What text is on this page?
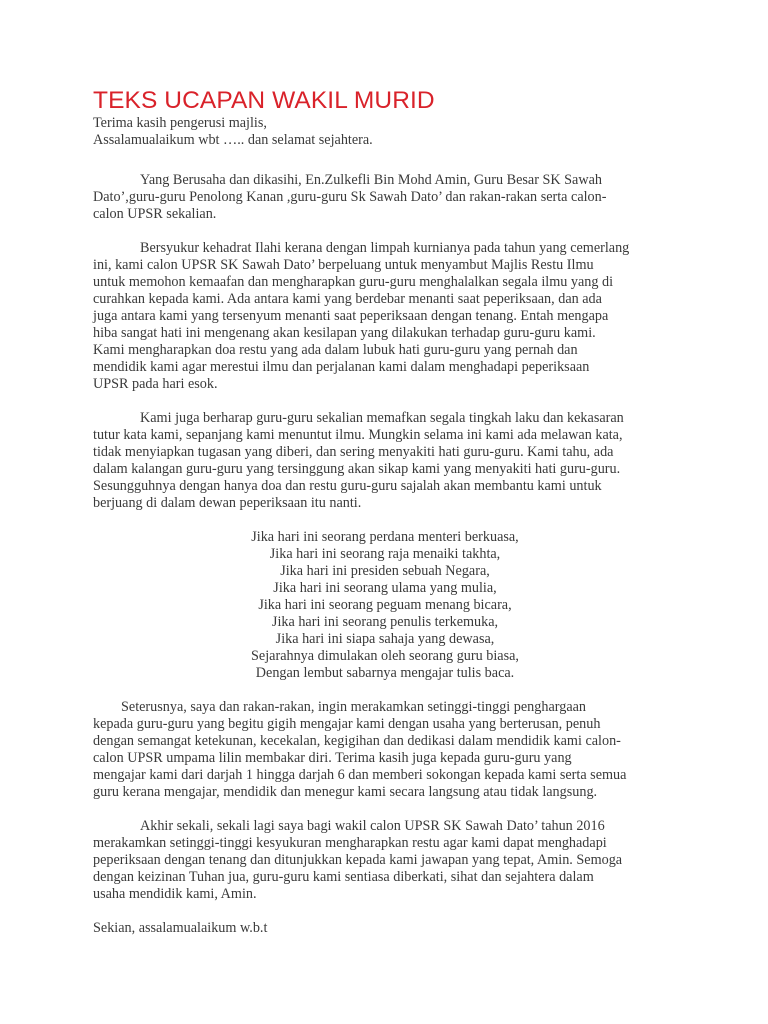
TEKS UCAPAN WAKIL MURID
Terima kasih pengerusi majlis,
Assalamualaikum wbt ….. dan selamat sejahtera.
Yang Berusaha dan dikasihi, En.Zulkefli Bin Mohd Amin, Guru Besar SK Sawah
Dato’,guru-guru Penolong Kanan ,guru-guru Sk Sawah Dato’ dan rakan-rakan serta calon-
calon UPSR sekalian.
Bersyukur kehadrat Ilahi kerana dengan limpah kurnianya pada tahun yang cemerlang
ini, kami calon UPSR SK Sawah Dato’ berpeluang untuk menyambut Majlis Restu Ilmu
untuk memohon kemaafan dan mengharapkan guru-guru menghalalkan segala ilmu yang di
curahkan kepada kami. Ada antara kami yang berdebar menanti saat peperiksaan, dan ada
juga antara kami yang tersenyum menanti saat peperiksaan dengan tenang. Entah mengapa
hiba sangat hati ini mengenang akan kesilapan yang dilakukan terhadap guru-guru kami.
Kami mengharapkan doa restu yang ada dalam lubuk hati guru-guru yang pernah dan
mendidik kami agar merestui ilmu dan perjalanan kami dalam menghadapi peperiksaan
UPSR pada hari esok.
Kami juga berharap guru-guru sekalian memafkan segala tingkah laku dan kekasaran
tutur kata kami, sepanjang kami menuntut ilmu. Mungkin selama ini kami ada melawan kata,
tidak menyiapkan tugasan yang diberi, dan sering menyakiti hati guru-guru. Kami tahu, ada
dalam kalangan guru-guru yang tersinggung akan sikap kami yang menyakiti hati guru-guru.
Sesungguhnya dengan hanya doa dan restu guru-guru sajalah akan membantu kami untuk
berjuang di dalam dewan peperiksaan itu nanti.
Jika hari ini seorang perdana menteri berkuasa,
Jika hari ini seorang raja menaiki takhta,
Jika hari ini presiden sebuah Negara,
Jika hari ini seorang ulama yang mulia,
Jika hari ini seorang peguam menang bicara,
Jika hari ini seorang penulis terkemuka,
Jika hari ini siapa sahaja yang dewasa,
Sejarahnya dimulakan oleh seorang guru biasa,
Dengan lembut sabarnya mengajar tulis baca.
Seterusnya, saya dan rakan-rakan, ingin merakamkan setinggi-tinggi penghargaan
kepada guru-guru yang begitu gigih mengajar kami dengan usaha yang berterusan, penuh
dengan semangat ketekunan, kecekalan, kegigihan dan dedikasi dalam mendidik kami calon-
calon UPSR umpama lilin membakar diri. Terima kasih juga kepada guru-guru yang
mengajar kami dari darjah 1 hingga darjah 6 dan memberi sokongan kepada kami serta semua
guru kerana mengajar, mendidik dan menegur kami secara langsung atau tidak langsung.
Akhir sekali, sekali lagi saya bagi wakil calon UPSR SK Sawah Dato’ tahun 2016
merakamkan setinggi-tinggi kesyukuran mengharapkan restu agar kami dapat menghadapi
peperiksaan dengan tenang dan ditunjukkan kepada kami jawapan yang tepat, Amin. Semoga
dengan keizinan Tuhan jua, guru-guru kami sentiasa diberkati, sihat dan sejahtera dalam
usaha mendidik kami, Amin.
Sekian, assalamualaikum w.b.t
